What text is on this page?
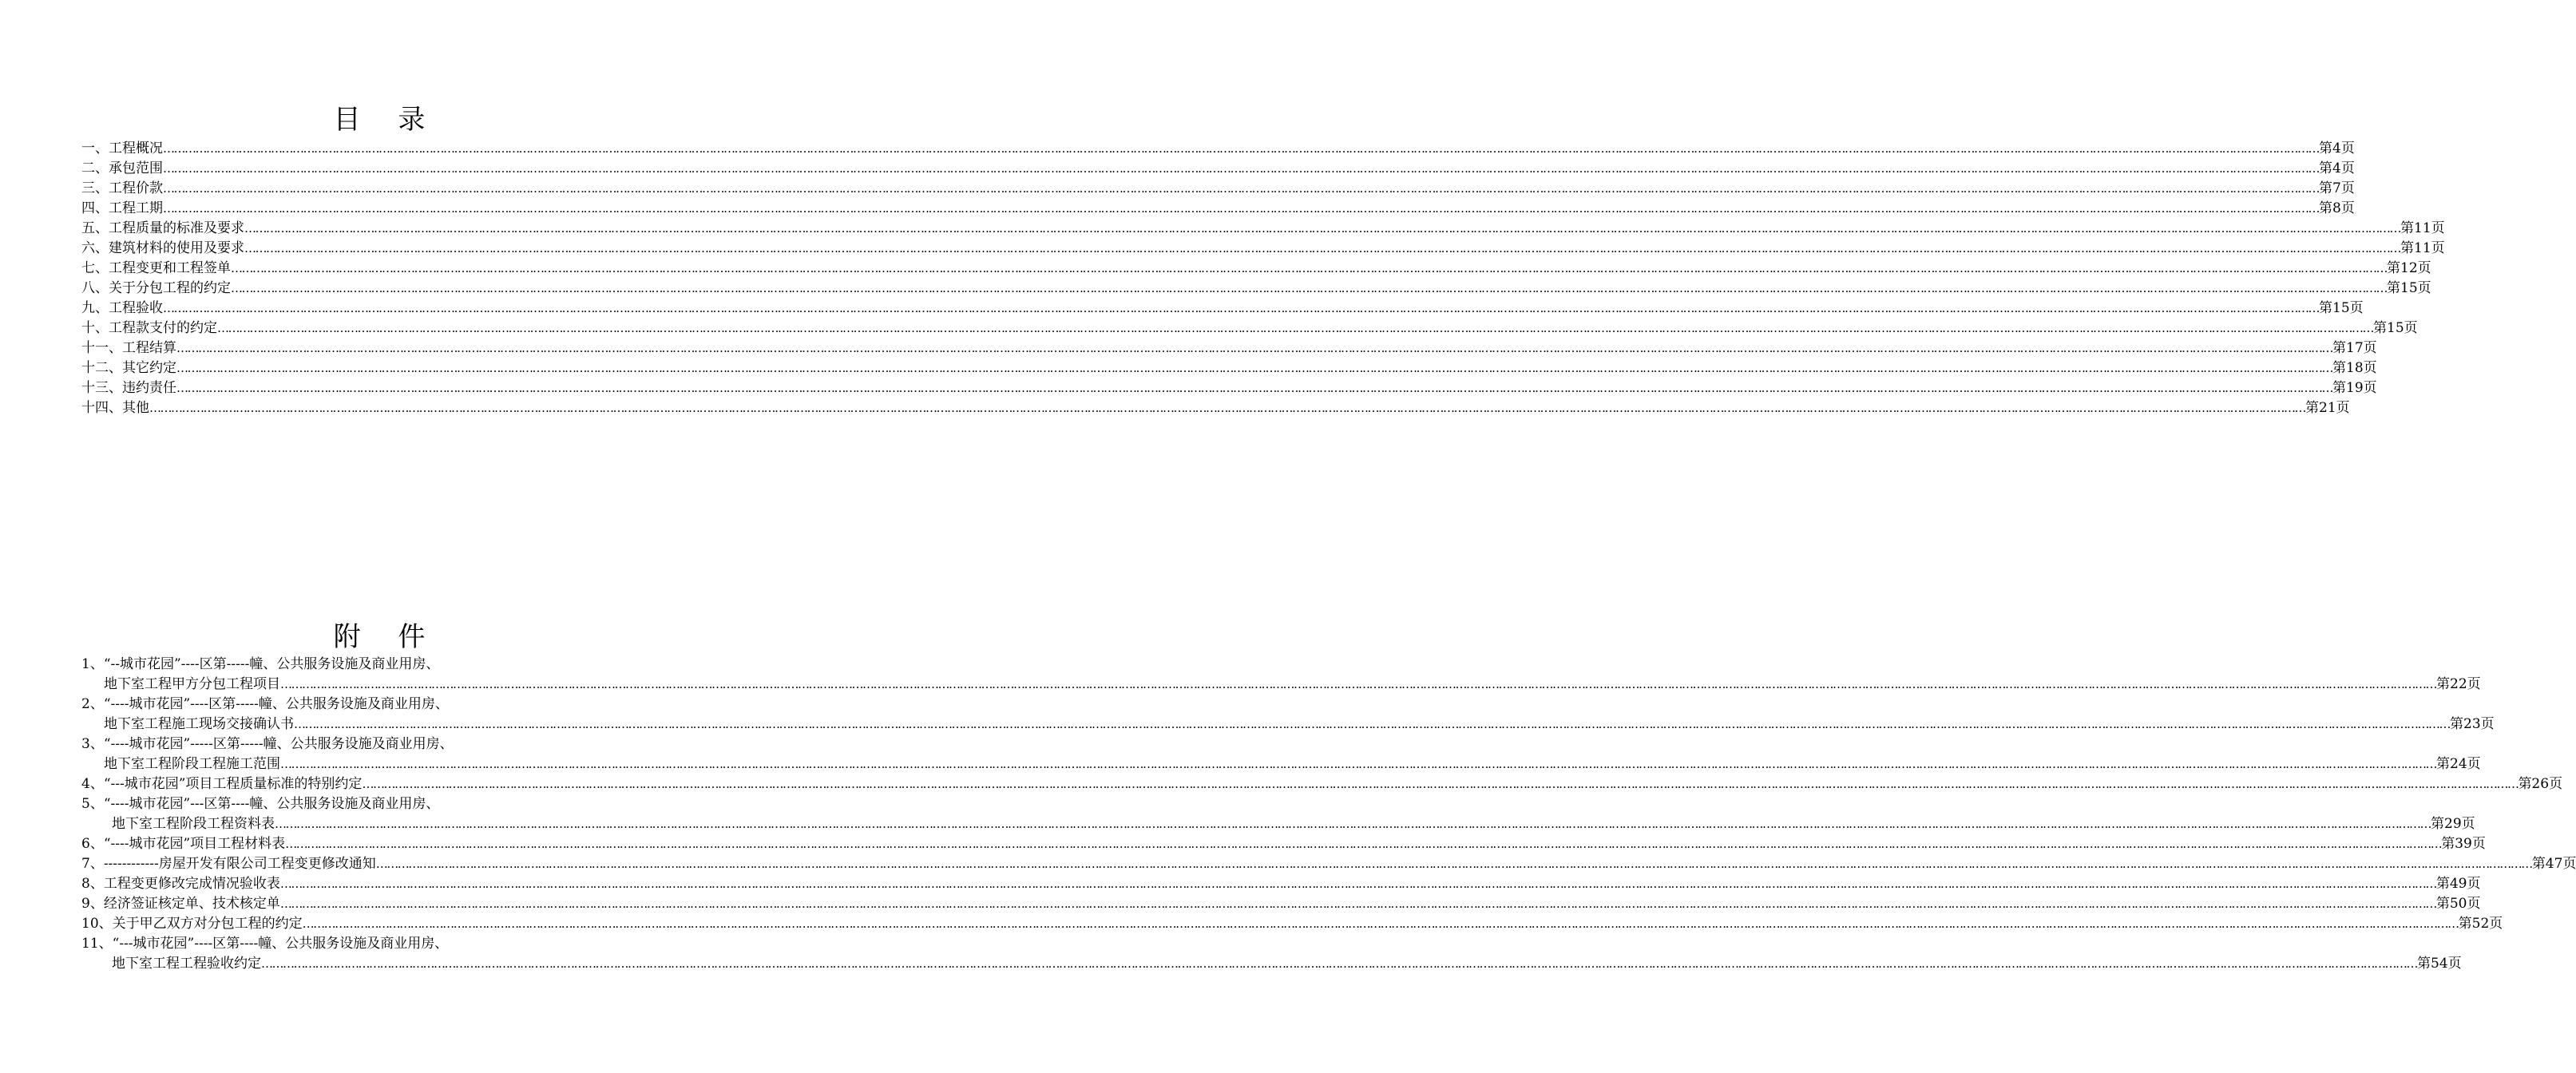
目 录
一、工程概况 …………………………………………………………………………………………………………………………………………………………………………………………………………………………………………………………………………………………………………………………………………………………………………………………………………………………………………………………………………………………………………………………………………………… 第4页
二、承包范围 …………………………………………………………………………………………………………………………………………………………………………………………………………………………………………………………………………………………………………………………………………………………………………………………………………………………………………………………………………………………………………………………………………………… 第4页
三、工程价款 …………………………………………………………………………………………………………………………………………………………………………………………………………………………………………………………………………………………………………………………………………………………………………………………………………………………………………………………………………………………………………………………………………………… 第7页
四、工程工期 …………………………………………………………………………………………………………………………………………………………………………………………………………………………………………………………………………………………………………………………………………………………………………………………………………………………………………………………………………………………………………………………………………………… 第8页
五、工程质量的标准及要求 …………………………………………………………………………………………………………………………………………………………………………………………………………………………………………………………………………………………………………………………………………………………………………………………………………………………………………………………………………………………………………………………………………………… 第11页
六、建筑材料的使用及要求 …………………………………………………………………………………………………………………………………………………………………………………………………………………………………………………………………………………………………………………………………………………………………………………………………………………………………………………………………………………………………………………………………………………… 第11页
七、工程变更和工程签单 …………………………………………………………………………………………………………………………………………………………………………………………………………………………………………………………………………………………………………………………………………………………………………………………………………………………………………………………………………………………………………………………………………………… 第12页
八、关于分包工程的约定 …………………………………………………………………………………………………………………………………………………………………………………………………………………………………………………………………………………………………………………………………………………………………………………………………………………………………………………………………………………………………………………………………………………… 第15页
九、工程验收 …………………………………………………………………………………………………………………………………………………………………………………………………………………………………………………………………………………………………………………………………………………………………………………………………………………………………………………………………………………………………………………………………………………… 第15页
十、工程款支付的约定 …………………………………………………………………………………………………………………………………………………………………………………………………………………………………………………………………………………………………………………………………………………………………………………………………………………………………………………………………………………………………………………………………………………… 第15页
十一、工程结算 …………………………………………………………………………………………………………………………………………………………………………………………………………………………………………………………………………………………………………………………………………………………………………………………………………………………………………………………………………………………………………………………………………………… 第17页
十二、其它约定 …………………………………………………………………………………………………………………………………………………………………………………………………………………………………………………………………………………………………………………………………………………………………………………………………………………………………………………………………………………………………………………………………………………… 第18页
十三、违约责任 …………………………………………………………………………………………………………………………………………………………………………………………………………………………………………………………………………………………………………………………………………………………………………………………………………………………………………………………………………………………………………………………………………………… 第19页
十四、其他 …………………………………………………………………………………………………………………………………………………………………………………………………………………………………………………………………………………………………………………………………………………………………………………………………………………………………………………………………………………………………………………………………………………… 第21页
附 件
1、“--城市花园”----区第-----幢、公共服务设施及商业用房、
地下室工程甲方分包工程项目 …………………………………………………………………………………………………………………………………………………………………………………………………………………………………………………………………………………………………………………………………………………………………………………………………………………………………………………………………………………………………………………………………………………… 第22页
2、“----城市花园”----区第-----幢、公共服务设施及商业用房、
地下室工程施工现场交接确认书 …………………………………………………………………………………………………………………………………………………………………………………………………………………………………………………………………………………………………………………………………………………………………………………………………………………………………………………………………………………………………………………………………………………… 第23页
3、“----城市花园”-----区第-----幢、公共服务设施及商业用房、
地下室工程阶段工程施工范围 …………………………………………………………………………………………………………………………………………………………………………………………………………………………………………………………………………………………………………………………………………………………………………………………………………………………………………………………………………………………………………………………………………………… 第24页
4、“---城市花园”项目工程质量标准的特别约定 …………………………………………………………………………………………………………………………………………………………………………………………………………………………………………………………………………………………………………………………………………………………………………………………………………………………………………………………………………………………………………………………………………………… 第26页
5、“----城市花园”---区第----幢、公共服务设施及商业用房、
地下室工程阶段工程资料表 …………………………………………………………………………………………………………………………………………………………………………………………………………………………………………………………………………………………………………………………………………………………………………………………………………………………………………………………………………………………………………………………………………………… 第29页
6、“----城市花园”项目工程材料表 …………………………………………………………………………………………………………………………………………………………………………………………………………………………………………………………………………………………………………………………………………………………………………………………………………………………………………………………………………………………………………………………………………………… 第39页
7、------------房屋开发有限公司工程变更修改通知 …………………………………………………………………………………………………………………………………………………………………………………………………………………………………………………………………………………………………………………………………………………………………………………………………………………………………………………………………………………………………………………………………………………… 第47页
8、工程变更修改完成情况验收表 …………………………………………………………………………………………………………………………………………………………………………………………………………………………………………………………………………………………………………………………………………………………………………………………………………………………………………………………………………………………………………………………………………………… 第49页
9、经济签证核定单、技术核定单 …………………………………………………………………………………………………………………………………………………………………………………………………………………………………………………………………………………………………………………………………………………………………………………………………………………………………………………………………………………………………………………………………………………… 第50页
10、关于甲乙双方对分包工程的约定 …………………………………………………………………………………………………………………………………………………………………………………………………………………………………………………………………………………………………………………………………………………………………………………………………………………………………………………………………………………………………………………………………………………… 第52页
11、“---城市花园”----区第----幢、公共服务设施及商业用房、
地下室工程工程验收约定 …………………………………………………………………………………………………………………………………………………………………………………………………………………………………………………………………………………………………………………………………………………………………………………………………………………………………………………………………………………………………………………………………………………… 第54页
